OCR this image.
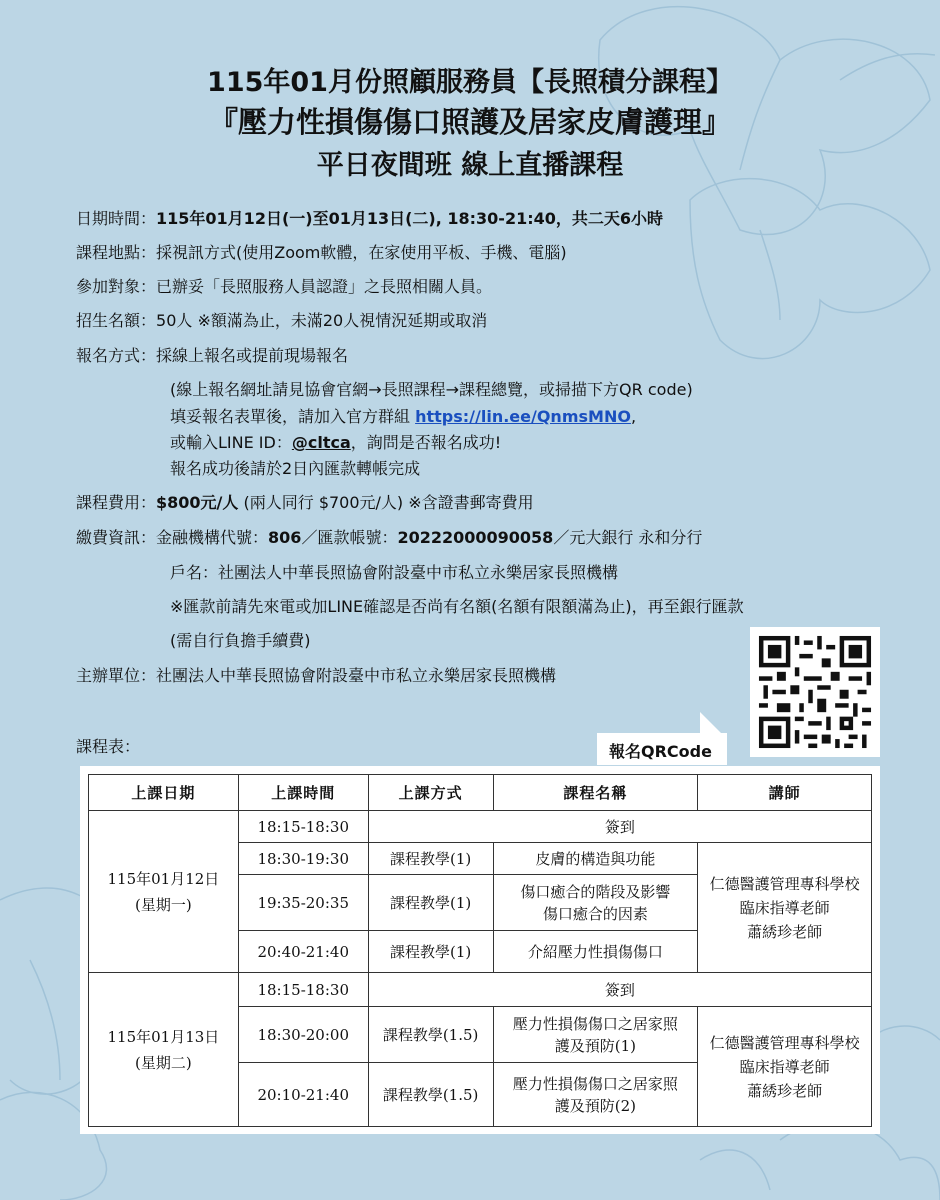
115年01月份照顧服務員【長照積分課程】
『壓力性損傷傷口照護及居家皮膚護理』
平日夜間班 線上直播課程
日期時間：115年01月12日(一)至01月13日(二), 18:30-21:40，共二天6小時
課程地點：採視訊方式(使用Zoom軟體，在家使用平板、手機、電腦)
參加對象：已辦妥「長照服務人員認證」之長照相關人員。
招生名額：50人 ※額滿為止，未滿20人視情況延期或取消
報名方式：採線上報名或提前現場報名
(線上報名網址請見協會官網→長照課程→課程總覽，或掃描下方QR code)
填妥報名表單後，請加入官方群組 https://lin.ee/QnmsMNO,
或輸入LINE ID：@cltca，詢問是否報名成功!
報名成功後請於2日內匯款轉帳完成
課程費用：$800元/人 (兩人同行 $700元/人) ※含證書郵寄費用
繳費資訊：金融機構代號：806／匯款帳號：20222000090058／元大銀行 永和分行
戶名：社團法人中華長照協會附設臺中市私立永樂居家長照機構
※匯款前請先來電或加LINE確認是否尚有名額(名額有限額滿為止)，再至銀行匯款
(需自行負擔手續費)
主辦單位：社團法人中華長照協會附設臺中市私立永樂居家長照機構
報名QRCode
課程表：
上課日期	上課時間	上課方式	課程名稱	講師

115年01月12日
(星期一)	18:15-18:30	簽到		
	18:30-19:30	課程教學(1)	皮膚的構造與功能	仁德醫護管理專科學校
臨床指導老師
蕭綉珍老師

	19:35-20:35	課程教學(1)	傷口癒合的階段及影響
傷口癒合的因素	

	20:40-21:40	課程教學(1)	介紹壓力性損傷傷口	

115年01月13日
(星期二)	18:15-18:30	簽到		
	18:30-20:00	課程教學(1.5)	壓力性損傷傷口之居家照
護及預防(1)	仁德醫護管理專科學校
臨床指導老師
蕭綉珍老師

	20:10-21:40	課程教學(1.5)	壓力性損傷傷口之居家照
護及預防(2)	
